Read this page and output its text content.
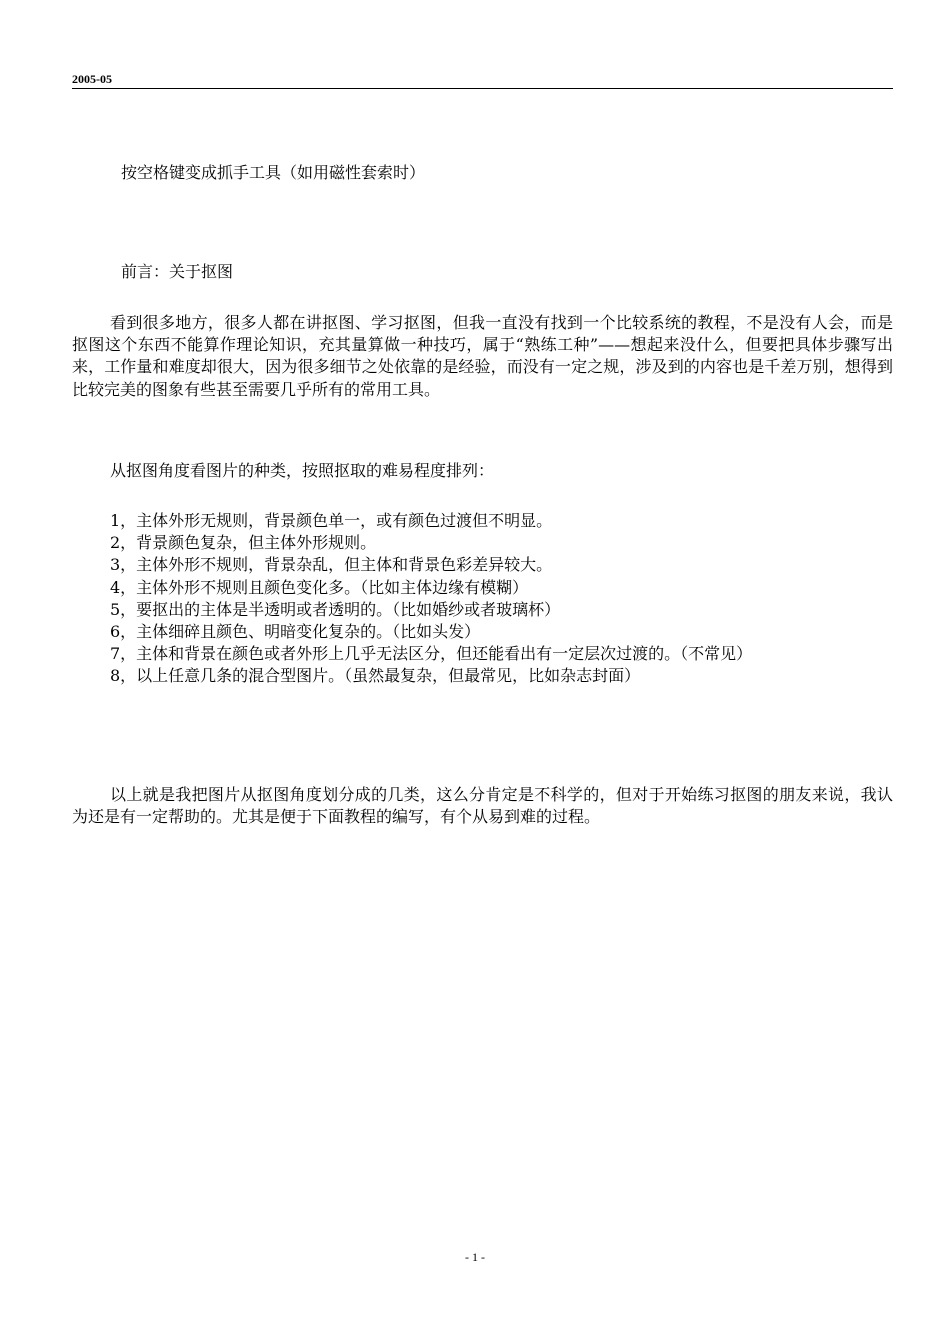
2005-05
按空格键变成抓手工具（如用磁性套索时）
前言：关于抠图
看到很多地方，很多人都在讲抠图、学习抠图，但我一直没有找到一个比较系统的教程，不是没有人会，而是抠图这个东西不能算作理论知识，充其量算做一种技巧，属于“熟练工种”——想起来没什么，但要把具体步骤写出来，工作量和难度却很大，因为很多细节之处依靠的是经验，而没有一定之规，涉及到的内容也是千差万别，想得到比较完美的图象有些甚至需要几乎所有的常用工具。
从抠图角度看图片的种类，按照抠取的难易程度排列：
1，主体外形无规则，背景颜色单一，或有颜色过渡但不明显。
2，背景颜色复杂，但主体外形规则。
3，主体外形不规则，背景杂乱，但主体和背景色彩差异较大。
4，主体外形不规则且颜色变化多。（比如主体边缘有模糊）
5，要抠出的主体是半透明或者透明的。（比如婚纱或者玻璃杯）
6，主体细碎且颜色、明暗变化复杂的。（比如头发）
7，主体和背景在颜色或者外形上几乎无法区分，但还能看出有一定层次过渡的。（不常见）
8，以上任意几条的混合型图片。（虽然最复杂，但最常见，比如杂志封面）
以上就是我把图片从抠图角度划分成的几类，这么分肯定是不科学的，但对于开始练习抠图的朋友来说，我认为还是有一定帮助的。尤其是便于下面教程的编写，有个从易到难的过程。
- 1 -
